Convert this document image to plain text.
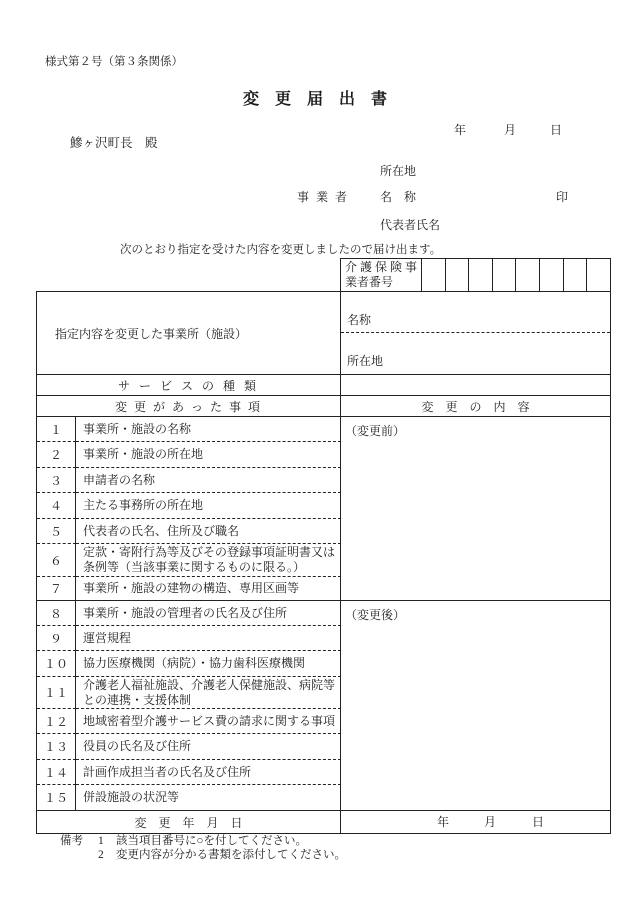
様式第２号（第３条関係）
変　更　届　出　書
年	月	日
鰺ヶ沢町長　殿
所在地
事 業 者	名　称	印
代表者氏名
次のとおり指定を受けた内容を変更しましたので届け出ます。
介 護 保 険 事
業者番号

指定内容を変更した事業所（施設）		名称
所在地

サ ー ビ ス の 種 類		
変 更 が あ っ た 事 項		変　更　の　内　容
１	事業所・施設の名称	（変更前）
２	事業所・施設の所在地	

３	申請者の名称	

４	主たる事務所の所在地	

５	代表者の氏名、住所及び職名	

６	定款・寄附行為等及びその登録事項証明書又は
条例等（当該事業に関するものに限る。）	

７	事業所・施設の建物の構造、専用区画等	

８	事業所・施設の管理者の氏名及び住所	（変更後）
９	運営規程	

１０	協力医療機関（病院）・協力歯科医療機関	

１１	介護老人福祉施設、介護老人保健施設、病院等
との連携・支援体制	

１２	地域密着型介護サービス費の請求に関する事項	

１３	役員の氏名及び住所	

１４	計画作成担当者の氏名及び住所	

１５	併設施設の状況等	

変　更　年　月　日		年 月 日
備考 1 該当項目番号に○を付してください。
2 変更内容が分かる書類を添付してください。
